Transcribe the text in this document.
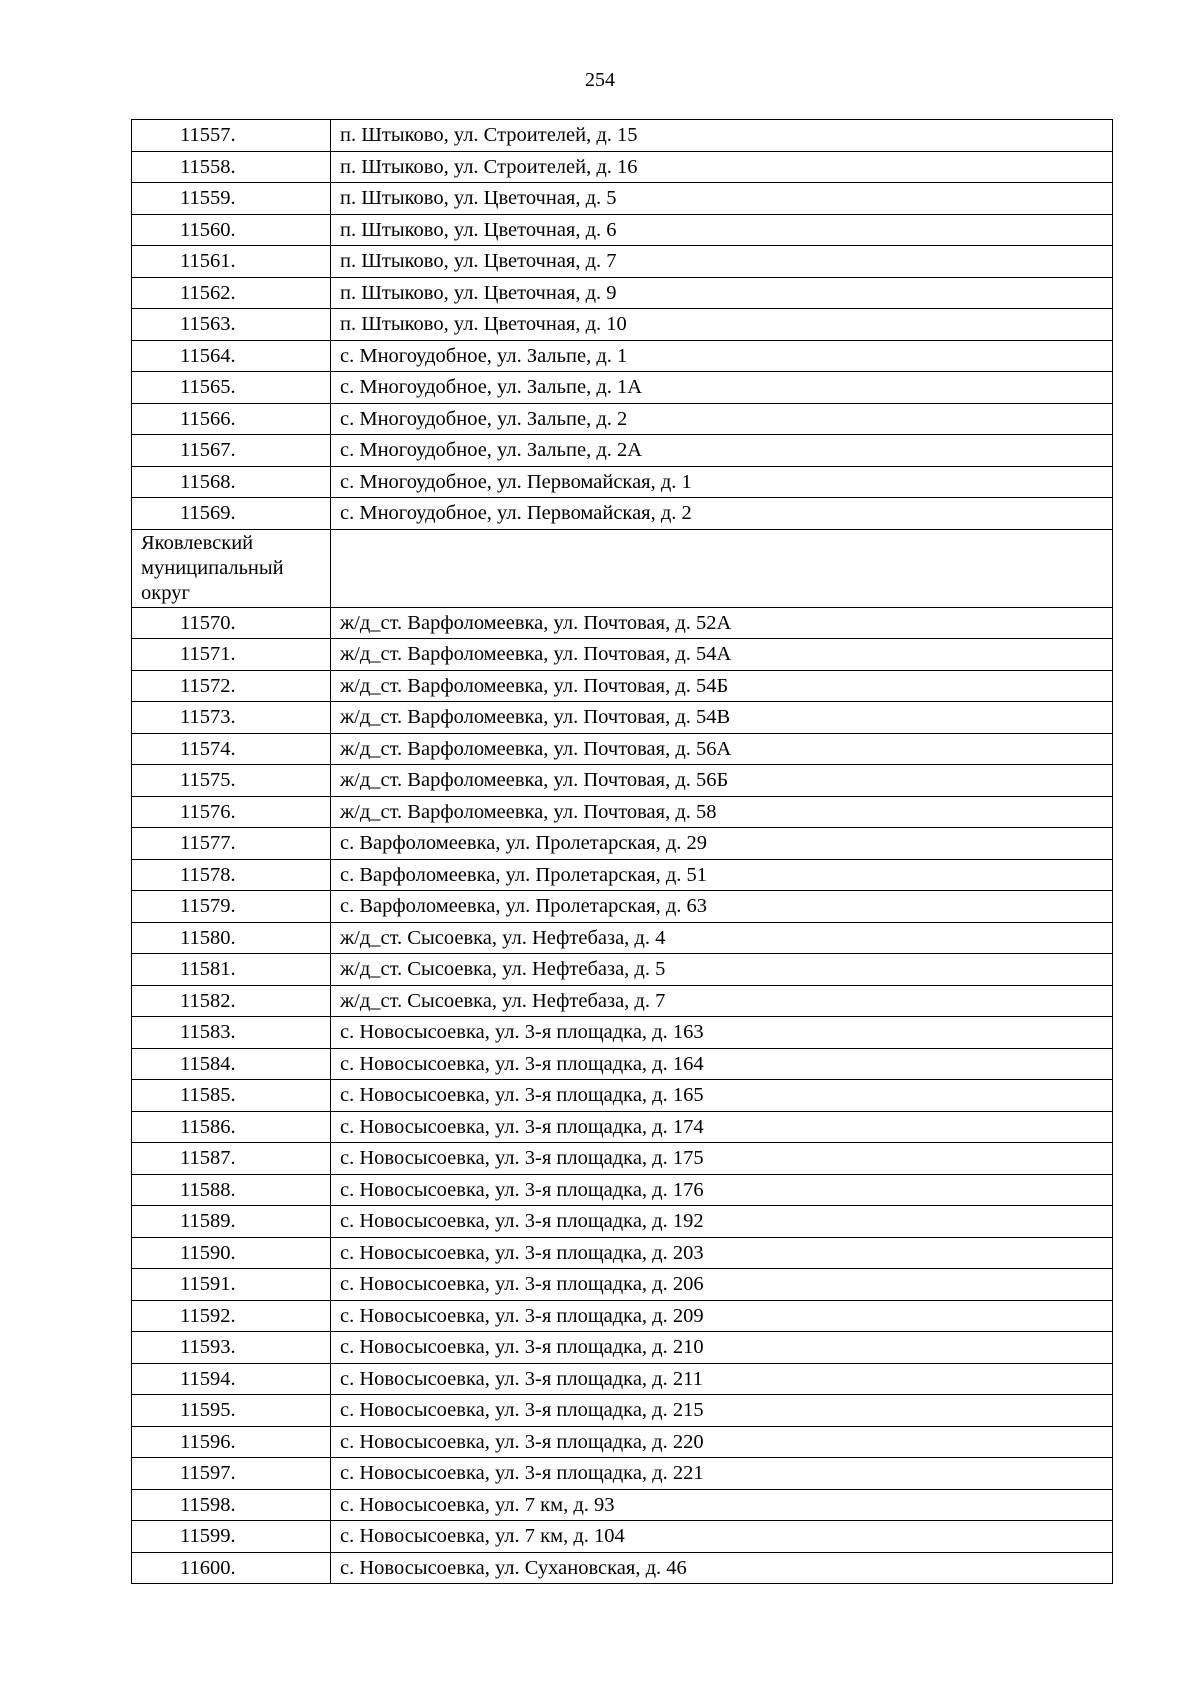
254
11557.	п. Штыково, ул. Строителей, д. 15
11558.	п. Штыково, ул. Строителей, д. 16
11559.	п. Штыково, ул. Цветочная, д. 5
11560.	п. Штыково, ул. Цветочная, д. 6
11561.	п. Штыково, ул. Цветочная, д. 7
11562.	п. Штыково, ул. Цветочная, д. 9
11563.	п. Штыково, ул. Цветочная, д. 10
11564.	с. Многоудобное, ул. Зальпе, д. 1
11565.	с. Многоудобное, ул. Зальпе, д. 1А
11566.	с. Многоудобное, ул. Зальпе, д. 2
11567.	с. Многоудобное, ул. Зальпе, д. 2А
11568.	с. Многоудобное, ул. Первомайская, д. 1
11569.	с. Многоудобное, ул. Первомайская, д. 2
Яковлевский муниципальный округ	
11570.	ж/д_ст. Варфоломеевка, ул. Почтовая, д. 52А
11571.	ж/д_ст. Варфоломеевка, ул. Почтовая, д. 54А
11572.	ж/д_ст. Варфоломеевка, ул. Почтовая, д. 54Б
11573.	ж/д_ст. Варфоломеевка, ул. Почтовая, д. 54В
11574.	ж/д_ст. Варфоломеевка, ул. Почтовая, д. 56А
11575.	ж/д_ст. Варфоломеевка, ул. Почтовая, д. 56Б
11576.	ж/д_ст. Варфоломеевка, ул. Почтовая, д. 58
11577.	с. Варфоломеевка, ул. Пролетарская, д. 29
11578.	с. Варфоломеевка, ул. Пролетарская, д. 51
11579.	с. Варфоломеевка, ул. Пролетарская, д. 63
11580.	ж/д_ст. Сысоевка, ул. Нефтебаза, д. 4
11581.	ж/д_ст. Сысоевка, ул. Нефтебаза, д. 5
11582.	ж/д_ст. Сысоевка, ул. Нефтебаза, д. 7
11583.	с. Новосысоевка, ул. 3-я площадка, д. 163
11584.	с. Новосысоевка, ул. 3-я площадка, д. 164
11585.	с. Новосысоевка, ул. 3-я площадка, д. 165
11586.	с. Новосысоевка, ул. 3-я площадка, д. 174
11587.	с. Новосысоевка, ул. 3-я площадка, д. 175
11588.	с. Новосысоевка, ул. 3-я площадка, д. 176
11589.	с. Новосысоевка, ул. 3-я площадка, д. 192
11590.	с. Новосысоевка, ул. 3-я площадка, д. 203
11591.	с. Новосысоевка, ул. 3-я площадка, д. 206
11592.	с. Новосысоевка, ул. 3-я площадка, д. 209
11593.	с. Новосысоевка, ул. 3-я площадка, д. 210
11594.	с. Новосысоевка, ул. 3-я площадка, д. 211
11595.	с. Новосысоевка, ул. 3-я площадка, д. 215
11596.	с. Новосысоевка, ул. 3-я площадка, д. 220
11597.	с. Новосысоевка, ул. 3-я площадка, д. 221
11598.	с. Новосысоевка, ул. 7 км, д. 93
11599.	с. Новосысоевка, ул. 7 км, д. 104
11600.	с. Новосысоевка, ул. Сухановская, д. 46
